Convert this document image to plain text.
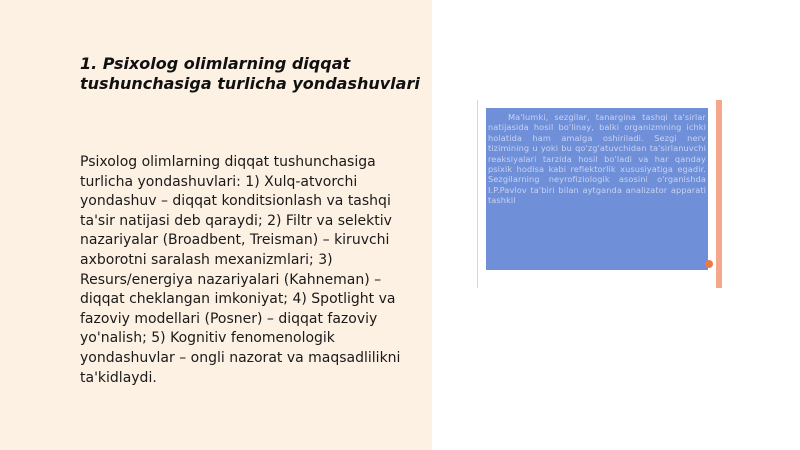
1. Psixolog olimlarning diqqat tushunchasiga turlicha yondashuvlari

Psixolog olimlarning diqqat tushunchasiga turlicha yondashuvlari: 1) Xulq-atvorchi yondashuv – diqqat konditsionlash va tashqi ta'sir natijasi deb qaraydi; 2) Filtr va selektiv nazariyalar (Broadbent, Treisman) – kiruvchi axborotni saralash mexanizmlari; 3) Resurs/energiya nazariyalari (Kahneman) – diqqat cheklangan imkoniyat; 4) Spotlight va fazoviy modellari (Posner) – diqqat fazoviy yo'nalish; 5) Kognitiv fenomenologik yondashuvlar – ongli nazorat va maqsadlilikni ta'kidlaydi.

Ma'lumki, sezgilar, tanargina tashqi ta'sirlar natijasida hosil bo'linay, balki organizmning ichki holatida ham amalga oshiriladi. Sezgi nerv tizimining u yoki bu qo'zg'atuvchidan ta'sirlanuvchi reaksiyalari tarzida hosil bo'ladi va har qanday psixik hodisa kabi reflektorlik xususiyatiga egadir. Sezgilarning neyrofiziologik asosini o'rganishda I.P.Pavlov ta'biri bilan aytganda analizator apparati tashkil
